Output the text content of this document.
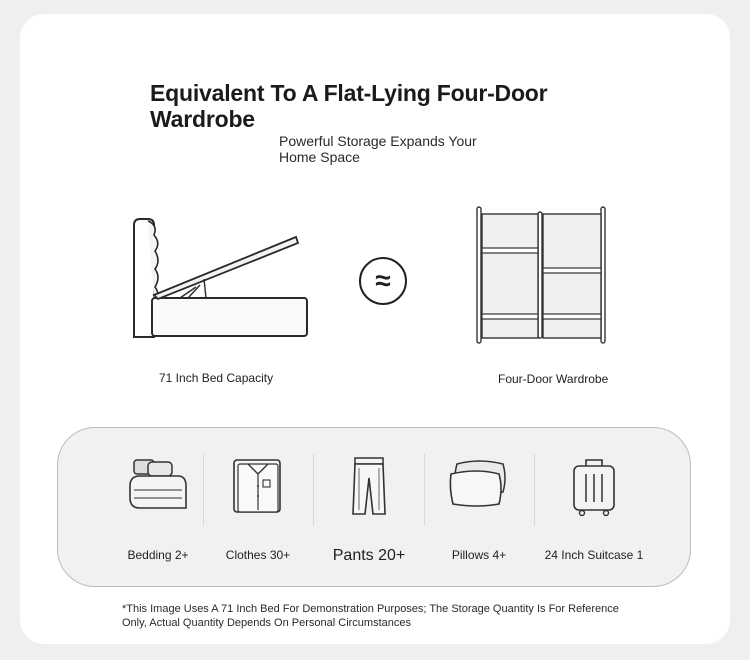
Equivalent To A Flat-Lying Four-Door Wardrobe
Powerful Storage Expands Your Home Space
≈
71 Inch Bed Capacity	Four-Door Wardrobe
Bedding 2+	Clothes 30+	Pants 20+	Pillows 4+	24 Inch Suitcase 1
*This Image Uses A 71 Inch Bed For Demonstration Purposes; The Storage Quantity Is For Reference Only, Actual Quantity Depends On Personal Circumstances
